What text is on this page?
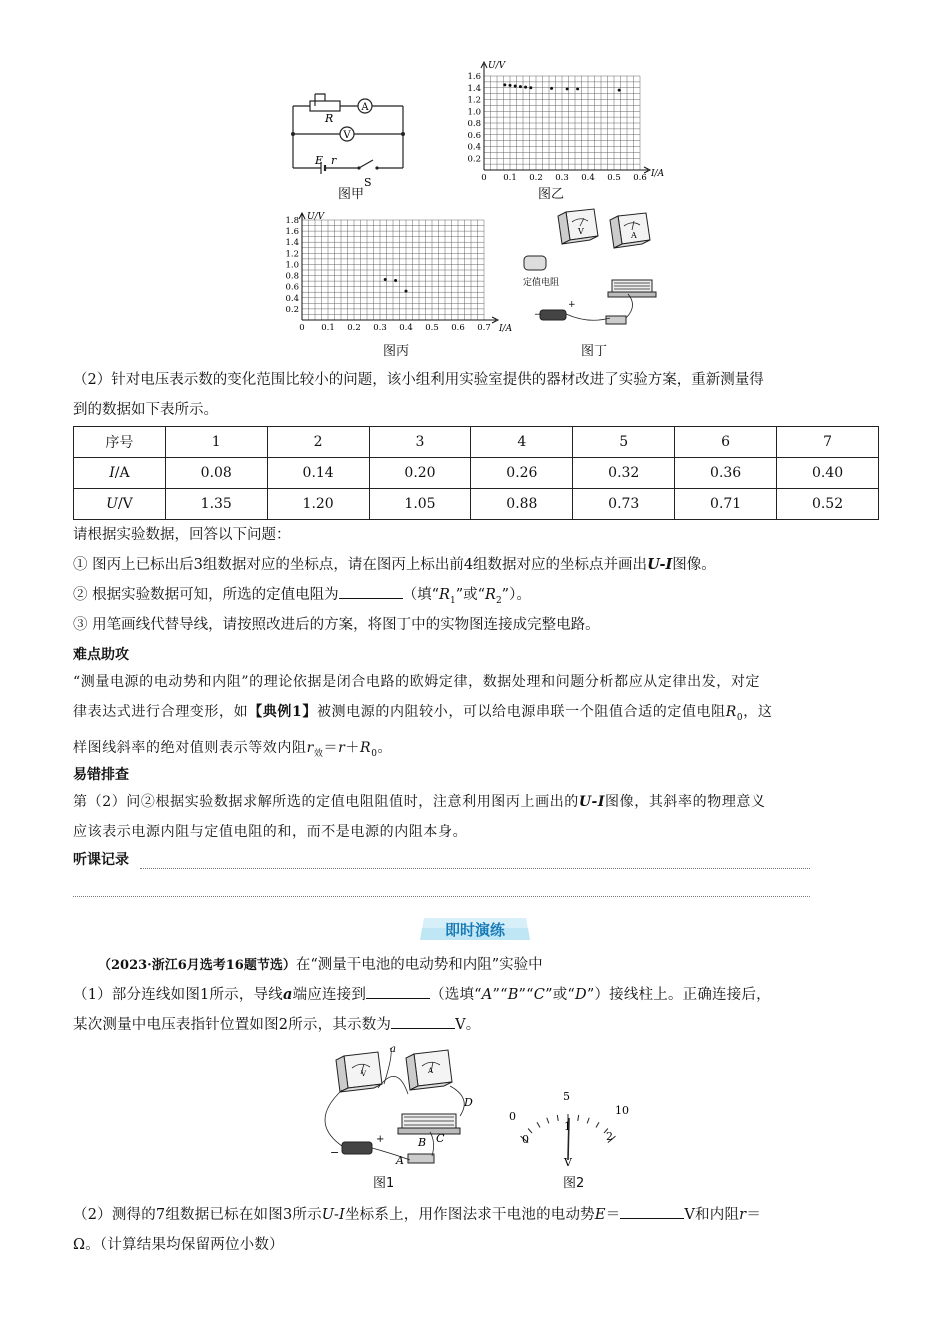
A
V
R
E r
S
图甲
0.2
0.4
0.6
0.8
1.0
1.2
1.4
1.6
0 0.1 0.2 0.3 0.4 0.5 0.6
U/V
I/A
图乙
0.2
0.4
0.6
0.8
1.0
1.2
1.4
1.6
1.8
0 0.1 0.2 0.3 0.4 0.5 0.6 0.7
U/V
I/A
图丙
V	A
定值电阻
−
+
图丁
（2）针对电压表示数的变化范围比较小的问题，该小组利用实验室提供的器材改进了实验方案，重新测量得
到的数据如下表所示。
序号	1	2	3	4	5	6	7
I/A	0.08	0.14	0.20	0.26	0.32	0.36	0.40
U/V	1.35	1.20	1.05	0.88	0.73	0.71	0.52
请根据实验数据，回答以下问题：
① 图丙上已标出后3组数据对应的坐标点，请在图丙上标出前4组数据对应的坐标点并画出U-I图像。
② 根据实验数据可知，所选的定值电阻为	（填“$R_1$”或“$R_2$”）。
③ 用笔画线代替导线，请按照改进后的方案，将图丁中的实物图连接成完整电路。
难点助攻
“测量电源的电动势和内阻”的理论依据是闭合电路的欧姆定律，数据处理和问题分析都应从定律出发，对定
律表达式进行合理变形，如【典例1】被测电源的内阻较小，可以给电源串联一个阻值合适的定值电阻$R_0$，这
样图线斜率的绝对值则表示等效内阻$r_效=r+R_0$。
易错排查
第（2）问②根据实验数据求解所选的定值电阻阻值时，注意利用图丙上画出的U-I图像，其斜率的物理意义
应该表示电源内阻与定值电阻的和，而不是电源的内阻本身。
听课记录
即时演练
（2023·浙江6月选考16题节选）在“测量干电池的电动势和内阻”实验中
（1）部分连线如图1所示，导线a端应连接到	（选填“A”“B”“C”或“D”）接线柱上。正确连接后，
某次测量中电压表指针位置如图2所示，其示数为	V。
a
D
B C
A
−
+
V	A
图1
0
5
10
0
1
2
V
图2
（2）测得的7组数据已标在如图3所示U-I坐标系上，用作图法求干电池的电动势E＝	V和内阻r＝
Ω。（计算结果均保留两位小数）
